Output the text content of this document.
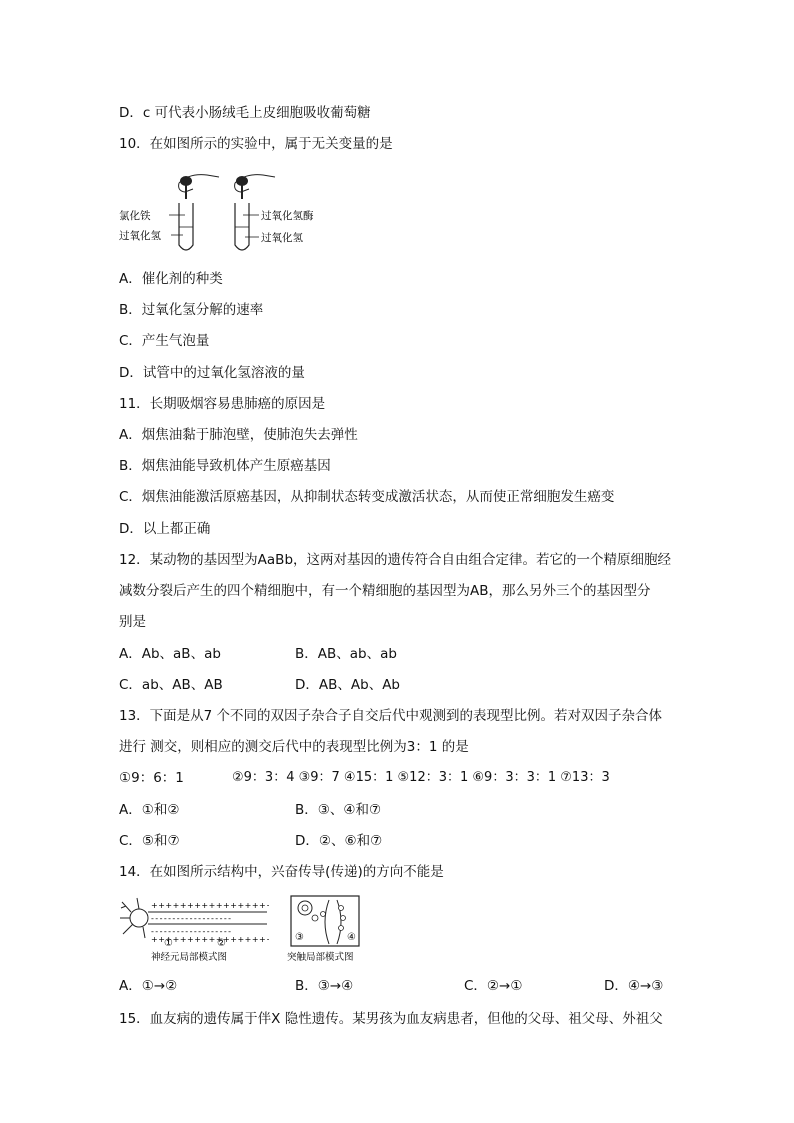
D．c 可代表小肠绒毛上皮细胞吸收葡萄糖
10．在如图所示的实验中，属于无关变量的是
氯化铁
过氧化氢
过氧化氢酶
过氧化氢
A．催化剂的种类
B．过氧化氢分解的速率
C．产生气泡量
D．试管中的过氧化氢溶液的量
11．长期吸烟容易患肺癌的原因是
A．烟焦油黏于肺泡壁，使肺泡失去弹性
B．烟焦油能导致机体产生原癌基因
C．烟焦油能激活原癌基因，从抑制状态转变成激活状态，从而使正常细胞发生癌变
D．以上都正确
12．某动物的基因型为AaBb，这两对基因的遗传符合自由组合定律。若它的一个精原细胞经
减数分裂后产生的四个精细胞中，有一个精细胞的基因型为AB，那么另外三个的基因型分
别是
A．Ab、aB、ab	B．AB、ab、ab
C．ab、AB、AB	D．AB、Ab、Ab
13．下面是从7 个不同的双因子杂合子自交后代中观测到的表现型比例。若对双因子杂合体
进行 测交，则相应的测交后代中的表现型比例为3：1 的是
①9：6：1	②9：3：4 ③9：7 ④15：1 ⑤12：3：1 ⑥9：3：3：1 ⑦13：3
A．①和②	B．③、④和⑦
C．⑤和⑦	D．②、⑥和⑦
14．在如图所示结构中，兴奋传导(传递)的方向不能是
++++++++++++++++
-------------------
-------------------
++++++++++++++++
①	②
神经元局部模式图
③	④
突触局部模式图
A．①→②	B．③→④	C．②→①	D．④→③
15．血友病的遗传属于伴X 隐性遗传。某男孩为血友病患者，但他的父母、祖父母、外祖父
